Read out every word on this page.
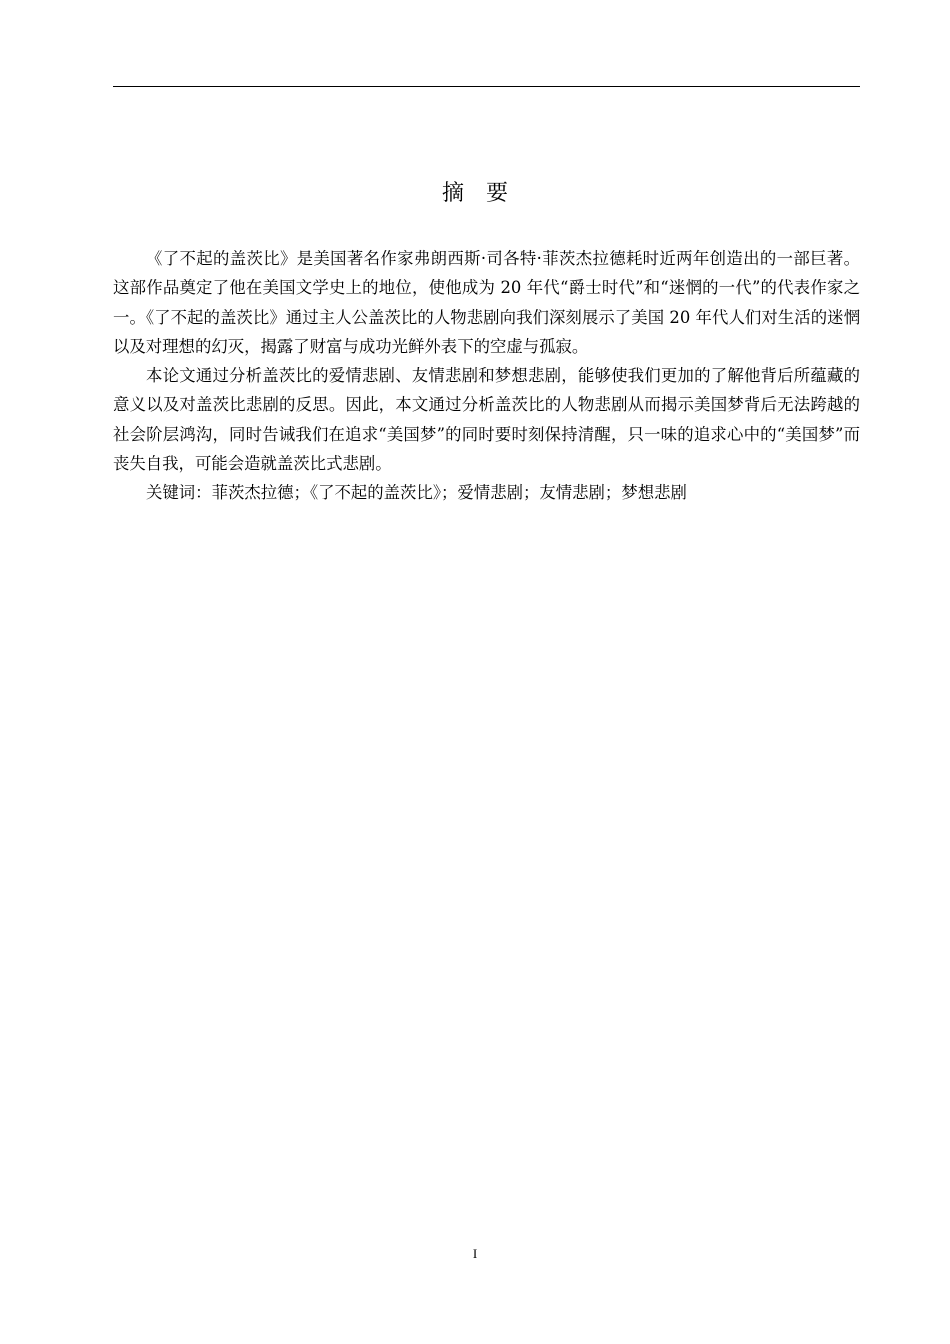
摘 要

《了不起的盖茨比》是美国著名作家弗朗西斯·司各特·菲茨杰拉德耗时近两年创造出的一部巨著。这部作品奠定了他在美国文学史上的地位，使他成为 20 年代“爵士时代”和“迷惘的一代”的代表作家之一。《了不起的盖茨比》通过主人公盖茨比的人物悲剧向我们深刻展示了美国 20 年代人们对生活的迷惘以及对理想的幻灭，揭露了财富与成功光鲜外表下的空虚与孤寂。

本论文通过分析盖茨比的爱情悲剧、友情悲剧和梦想悲剧，能够使我们更加的了解他背后所蕴藏的意义以及对盖茨比悲剧的反思。因此，本文通过分析盖茨比的人物悲剧从而揭示美国梦背后无法跨越的社会阶层鸿沟，同时告诫我们在追求“美国梦”的同时要时刻保持清醒，只一味的追求心中的“美国梦”而丧失自我，可能会造就盖茨比式悲剧。

关键词：菲茨杰拉德；《了不起的盖茨比》；爱情悲剧；友情悲剧；梦想悲剧

I
